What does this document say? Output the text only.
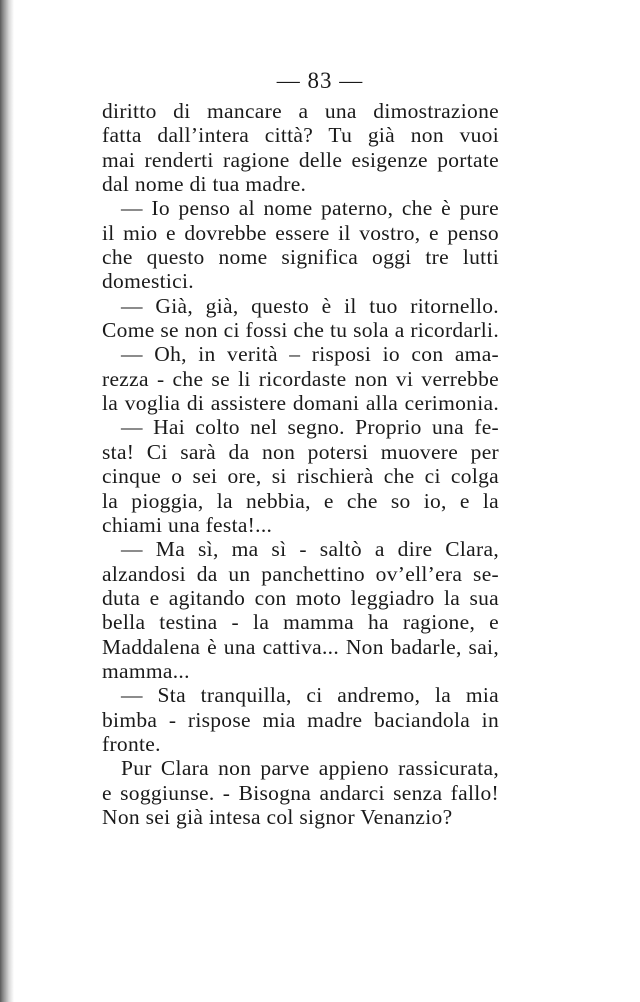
— 83 —
diritto di mancare a una dimostrazione
fatta dall’intera città? Tu già non vuoi
mai renderti ragione delle esigenze portate
dal nome di tua madre.
— Io penso al nome paterno, che è pure
il mio e dovrebbe essere il vostro, e penso
che questo nome significa oggi tre lutti
domestici.
— Già, già, questo è il tuo ritornello.
Come se non ci fossi che tu sola a ricordarli.
— Oh, in verità – risposi io con ama-
rezza - che se li ricordaste non vi verrebbe
la voglia di assistere domani alla cerimonia.
— Hai colto nel segno. Proprio una fe-
sta! Ci sarà da non potersi muovere per
cinque o sei ore, si rischierà che ci colga
la pioggia, la nebbia, e che so io, e la
chiami una festa!...
— Ma sì, ma sì - saltò a dire Clara,
alzandosi da un panchettino ov’ell’era se-
duta e agitando con moto leggiadro la sua
bella testina - la mamma ha ragione, e
Maddalena è una cattiva... Non badarle, sai,
mamma...
— Sta tranquilla, ci andremo, la mia
bimba - rispose mia madre baciandola in
fronte.
Pur Clara non parve appieno rassicurata,
e soggiunse. - Bisogna andarci senza fallo!
Non sei già intesa col signor Venanzio?
